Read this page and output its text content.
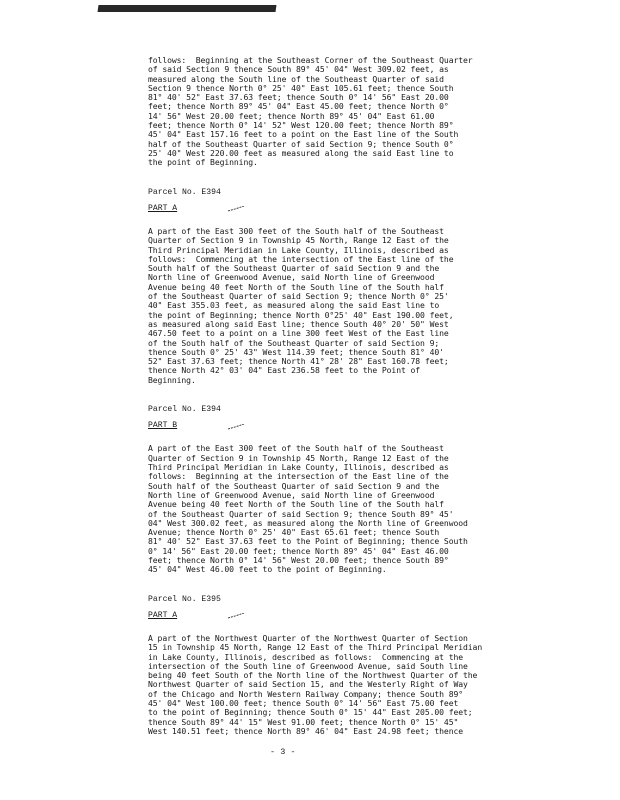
follows:  Beginning at the Southeast Corner of the Southeast Quarter
of said Section 9 thence South 89° 45' 04" West 309.02 feet, as
measured along the South line of the Southeast Quarter of said
Section 9 thence North 0° 25' 40" East 105.61 feet; thence South
81° 40' 52" East 37.63 feet; thence South 0° 14' 56" East 20.00
feet; thence North 89° 45' 04" East 45.00 feet; thence North 0°
14' 56" West 20.00 feet; thence North 89° 45' 04" East 61.00
feet; thence North 0° 14' 52" West 120.00 feet; thence North 89°
45' 04" East 157.16 feet to a point on the East line of the South
half of the Southeast Quarter of said Section 9; thence South 0°
25' 40" West 220.00 feet as measured along the said East line to
the point of Beginning.
Parcel No. E394

PART A
A part of the East 300 feet of the South half of the Southeast
Quarter of Section 9 in Township 45 North, Range 12 East of the
Third Principal Meridian in Lake County, Illinois, described as
follows:  Commencing at the intersection of the East line of the
South half of the Southeast Quarter of said Section 9 and the
North line of Greenwood Avenue, said North line of Greenwood
Avenue being 40 feet North of the South line of the South half
of the Southeast Quarter of said Section 9; thence North 0° 25'
40" East 355.03 feet, as measured along the said East line to
the point of Beginning; thence North 0°25' 40" East 190.00 feet,
as measured along said East line; thence South 40° 20' 50" West
467.50 feet to a point on a line 300 feet West of the East line
of the South half of the Southeast Quarter of said Section 9;
thence South 0° 25' 43" West 114.39 feet; thence South 81° 40'
52" East 37.63 feet; thence North 41° 28' 28" East 160.78 feet;
thence North 42° 03' 04" East 236.58 feet to the Point of
Beginning.
Parcel No. E394

PART B
A part of the East 300 feet of the South half of the Southeast
Quarter of Section 9 in Township 45 North, Range 12 East of the
Third Principal Meridian in Lake County, Illinois, described as
follows:  Beginning at the intersection of the East line of the
South half of the Southeast Quarter of said Section 9 and the
North line of Greenwood Avenue, said North line of Greenwood
Avenue being 40 feet North of the South line of the South half
of the Southeast Quarter of said Section 9; thence South 89° 45'
04" West 300.02 feet, as measured along the North line of Greenwood
Avenue; thence North 0° 25' 40" East 65.61 feet; thence South
81° 40' 52" East 37.63 feet to the Point of Beginning; thence South
0° 14' 56" East 20.00 feet; thence North 89° 45' 04" East 46.00
feet; thence North 0° 14' 56" West 20.00 feet; thence South 89°
45' 04" West 46.00 feet to the point of Beginning.
Parcel No. E395

PART A
A part of the Northwest Quarter of the Northwest Quarter of Section
15 in Township 45 North, Range 12 East of the Third Principal Meridian
in Lake County, Illinois, described as follows:  Commencing at the
intersection of the South line of Greenwood Avenue, said South line
being 40 feet South of the North line of the Northwest Quarter of the
Northwest Quarter of said Section 15, and the Westerly Right of Way
of the Chicago and North Western Railway Company; thence South 89°
45' 04" West 100.00 feet; thence South 0° 14' 56" East 75.00 feet
to the point of Beginning; thence South 0° 15' 44" East 205.00 feet;
thence South 89° 44' 15" West 91.00 feet; thence North 0° 15' 45"
West 140.51 feet; thence North 89° 46' 04" East 24.98 feet; thence
- 3 -
